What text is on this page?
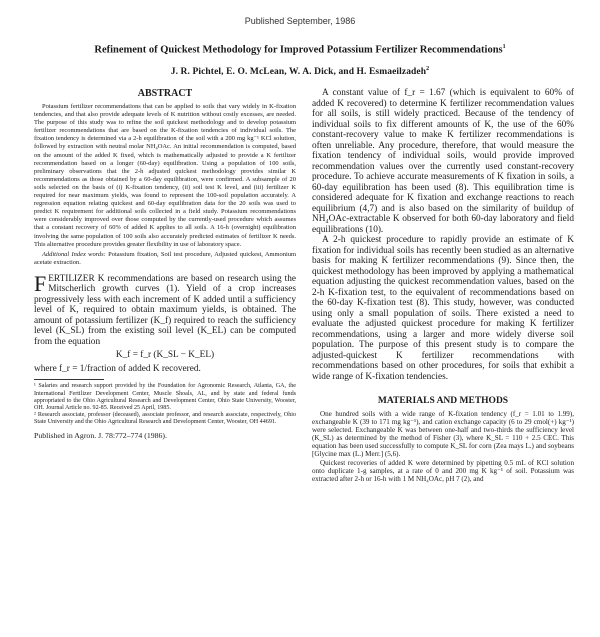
Published September, 1986
Refinement of Quickest Methodology for Improved Potassium Fertilizer Recommendations$^1$
J. R. Pichtel, E. O. McLean, W. A. Dick, and H. Esmaeilzadeh$^2$
ABSTRACT

Potassium fertilizer recommendations that can be applied to soils that vary widely in K-fixation tendencies, and that also provide adequate levels of K nutrition without costly excesses, are needed. The purpose of this study was to refine the soil quickest methodology and to develop potassium fertilizer recommendations that are based on the K-fixation tendencies of individual soils. The fixation tendency is determined via a 2-h equilibration of the soil with a 200 mg kg⁻¹ KCl solution, followed by extraction with neutral molar NH₄OAc. An initial recommendation is computed, based on the amount of the added K fixed, which is mathematically adjusted to provide a K fertilizer recommendation based on a longer (60-day) equilibration. Using a population of 100 soils, preliminary observations that the 2-h adjusted quickest methodology provides similar K recommendations as those obtained by a 60-day equilibration, were confirmed. A subsample of 20 soils selected on the basis of (i) K-fixation tendency, (ii) soil test K level, and (iii) fertilizer K required for near maximum yields, was found to represent the 100-soil population accurately. A regression equation relating quickest and 60-day equilibration data for the 20 soils was used to predict K requirement for additional soils collected in a field study. Potassium recommendations were considerably improved over those computed by the currently-used procedure which assumes that a constant recovery of 60% of added K applies to all soils. A 16-h (overnight) equilibration involving the same population of 100 soils also accurately predicted estimates of fertilizer K needs. This alternative procedure provides greater flexibility in use of laboratory space.

Additional Index words: Potassium fixation, Soil test procedure, Adjusted quickest, Ammonium acetate extraction.

FERTILIZER K recommendations are based on research using the Mitscherlich growth curves (1). Yield of a crop increases progressively less with each increment of K added until a sufficiency level of K, required to obtain maximum yields, is obtained. The amount of potassium fertilizer (K_f) required to reach the sufficiency level (K_SL) from the existing soil level (K_EL) can be computed from the equation

K_f = f_r (K_SL − K_EL)

where f_r = 1/fraction of added K recovered.

¹ Salaries and research support provided by the Foundation for Agronomic Research, Atlanta, GA, the International Fertilizer Development Center, Muscle Shoals, AL, and by state and federal funds appropriated to the Ohio Agricultural Research and Development Center, Ohio State University, Wooster, OH. Journal Article no. 92-85. Received 25 April, 1985.

² Research associate, professor (deceased), associate professor, and research associate, respectively, Ohio State University and the Ohio Agricultural Research and Development Center, Wooster, OH 44691.

Published in Agron. J. 78:772–774 (1986).

A constant value of f_r = 1.67 (which is equivalent to 60% of added K recovered) to determine K fertilizer recommendation values for all soils, is still widely practiced. Because of the tendency of individual soils to fix different amounts of K, the use of the 60% constant-recovery value to make K fertilizer recommendations is often unreliable. Any procedure, therefore, that would measure the fixation tendency of individual soils, would provide improved recommendation values over the currently used constant-recovery procedure. To achieve accurate measurements of K fixation in soils, a 60-day equilibration has been used (8). This equilibration time is considered adequate for K fixation and exchange reactions to reach equilibrium (4,7) and is also based on the similarity of buildup of NH₄OAc-extractable K observed for both 60-day laboratory and field equilibrations (10).

A 2-h quickest procedure to rapidly provide an estimate of K fixation for individual soils has recently been studied as an alternative basis for making K fertilizer recommendations (9). Since then, the quickest methodology has been improved by applying a mathematical equation adjusting the quickest recommendation values, based on the 2-h K-fixation test, to the equivalent of recommendations based on the 60-day K-fixation test (8). This study, however, was conducted using only a small population of soils. There existed a need to evaluate the adjusted quickest procedure for making K fertilizer recommendations, using a larger and more widely diverse soil population. The purpose of this present study is to compare the adjusted-quickest K fertilizer recommendations with recommendations based on other procedures, for soils that exhibit a wide range of K-fixation tendencies.

MATERIALS AND METHODS

One hundred soils with a wide range of K-fixation tendency (f_r = 1.01 to 1.99), exchangeable K (39 to 171 mg kg⁻¹), and cation exchange capacity (6 to 29 cmol(+) kg⁻¹) were selected. Exchangeable K was between one-half and two-thirds the sufficiency level (K_SL) as determined by the method of Fisher (3), where K_SL = 110 + 2.5 CEC. This equation has been used successfully to compute K_SL for corn (Zea mays L.) and soybeans [Glycine max (L.) Merr.] (5,6).

Quickest recoveries of added K were determined by pipetting 0.5 mL of KCl solution onto duplicate 1-g samples, at a rate of 0 and 200 mg K kg⁻¹ of soil. Potassium was extracted after 2-h or 16-h with 1 M NH₄OAc, pH 7 (2), and
